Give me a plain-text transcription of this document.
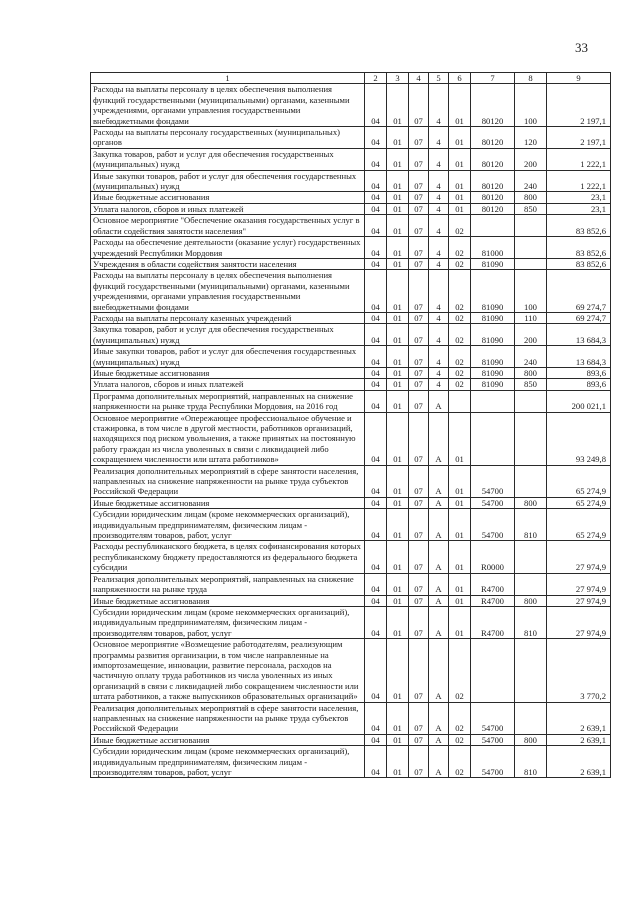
33
1	2	3	4	5	6	7	8	9
Расходы на выплаты персоналу в целях обеспечения выполнения функций государственными (муниципальными) органами, казенными учреждениями, органами управления государственными внебюджетными фондами	04	01	07	4	01	80120	100	2 197,1
Расходы на выплаты персоналу государственных (муниципальных) органов	04	01	07	4	01	80120	120	2 197,1
Закупка товаров, работ и услуг для обеспечения государственных (муниципальных) нужд	04	01	07	4	01	80120	200	1 222,1
Иные закупки товаров, работ и услуг для обеспечения государственных (муниципальных) нужд	04	01	07	4	01	80120	240	1 222,1
Иные бюджетные ассигнования	04	01	07	4	01	80120	800	23,1
Уплата налогов, сборов и иных платежей	04	01	07	4	01	80120	850	23,1
Основное мероприятие "Обеспечение оказания государственных услуг в области содействия занятости населения"	04	01	07	4	02			83 852,6
Расходы на обеспечение деятельности (оказание услуг) государственных учреждений Республики Мордовия	04	01	07	4	02	81000		83 852,6
Учреждения в области содействия занятости населения	04	01	07	4	02	81090		83 852,6
Расходы на выплаты персоналу в целях обеспечения выполнения функций государственными (муниципальными) органами, казенными учреждениями, органами управления государственными внебюджетными фондами	04	01	07	4	02	81090	100	69 274,7
Расходы на выплаты персоналу казенных учреждений	04	01	07	4	02	81090	110	69 274,7
Закупка товаров, работ и услуг для обеспечения государственных (муниципальных) нужд	04	01	07	4	02	81090	200	13 684,3
Иные закупки товаров, работ и услуг для обеспечения государственных (муниципальных) нужд	04	01	07	4	02	81090	240	13 684,3
Иные бюджетные ассигнования	04	01	07	4	02	81090	800	893,6
Уплата налогов, сборов и иных платежей	04	01	07	4	02	81090	850	893,6
Программа дополнительных мероприятий, направленных на снижение напряженности на рынке труда Республики Мордовия, на 2016 год	04	01	07	А				200 021,1
Основное мероприятие «Опережающее профессиональное обучение и стажировка, в том числе в другой местности, работников организаций, находящихся под риском увольнения, а также принятых на постоянную работу граждан из числа уволенных в связи с ликвидацией либо сокращением численности или штата работников»	04	01	07	А	01			93 249,8
Реализация дополнительных мероприятий в сфере занятости населения, направленных на снижение напряженности на рынке труда субъектов Российской Федерации	04	01	07	А	01	54700		65 274,9
Иные бюджетные ассигнования	04	01	07	А	01	54700	800	65 274,9
Субсидии юридическим лицам (кроме некоммерческих организаций), индивидуальным предпринимателям, физическим лицам - производителям товаров, работ, услуг	04	01	07	А	01	54700	810	65 274,9
Расходы республиканского бюджета, в целях софинансирования которых республиканскому бюджету предоставляются из федерального бюджета субсидии	04	01	07	А	01	R0000		27 974,9
Реализация дополнительных мероприятий, направленных на снижение напряженности на рынке труда	04	01	07	А	01	R4700		27 974,9
Иные бюджетные ассигнования	04	01	07	А	01	R4700	800	27 974,9
Субсидии юридическим лицам (кроме некоммерческих организаций), индивидуальным предпринимателям, физическим лицам - производителям товаров, работ, услуг	04	01	07	А	01	R4700	810	27 974,9
Основное мероприятие «Возмещение работодателям, реализующим программы развития организации, в том числе направленные на импортозамещение, инновации, развитие персонала, расходов на частичную оплату труда работников из числа уволенных из иных организаций в связи с ликвидацией либо сокращением численности или штата работников, а также выпускников образовательных организаций»	04	01	07	А	02			3 770,2
Реализация дополнительных мероприятий в сфере занятости населения, направленных на снижение напряженности на рынке труда субъектов Российской Федерации	04	01	07	А	02	54700		2 639,1
Иные бюджетные ассигнования	04	01	07	А	02	54700	800	2 639,1
Субсидии юридическим лицам (кроме некоммерческих организаций), индивидуальным предпринимателям, физическим лицам - производителям товаров, работ, услуг	04	01	07	А	02	54700	810	2 639,1
